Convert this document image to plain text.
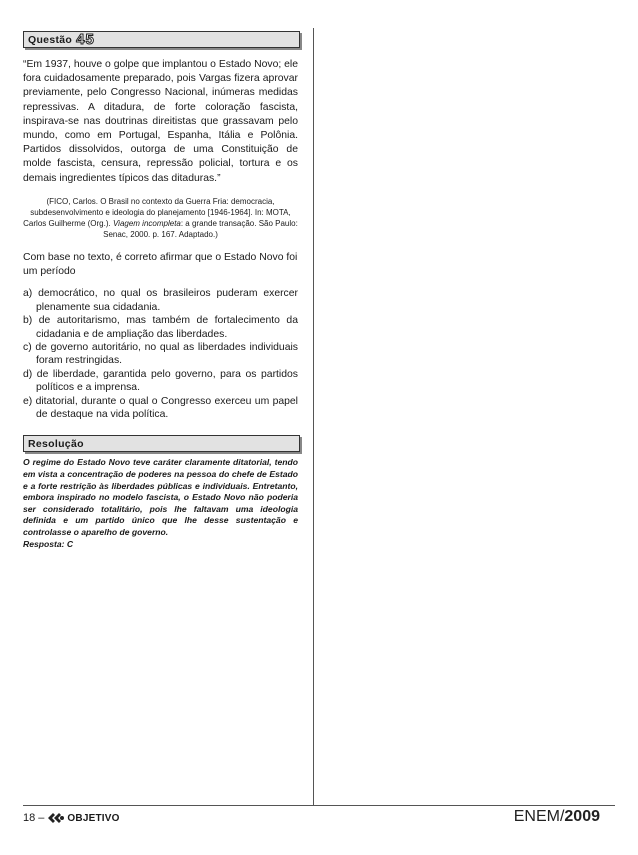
Questão 45
“Em 1937, houve o golpe que implantou o Estado Novo; ele fora cuidadosamente preparado, pois Vargas fizera aprovar previamente, pelo Congresso Nacional, inúmeras medidas repressivas. A ditadura, de forte coloração fascista, inspirava-se nas doutrinas direitistas que grassavam pelo mundo, como em Portugal, Espanha, Itália e Polônia. Partidos dissolvidos, outorga de uma Constituição de molde fascista, censura, repressão policial, tortura e os demais ingredientes típicos das ditaduras.”
(FICO, Carlos. O Brasil no contexto da Guerra Fria: democracia, subdesenvolvimento e ideologia do planejamento [1946-1964]. In: MOTA, Carlos Guilherme (Org.). Viagem incompleta: a grande transação. São Paulo: Senac, 2000. p. 167. Adaptado.)
Com base no texto, é correto afirmar que o Estado Novo foi um período
a) democrático, no qual os brasileiros puderam exercer plenamente sua cidadania.
b) de autoritarismo, mas também de fortalecimento da cidadania e de ampliação das liberdades.
c) de governo autoritário, no qual as liberdades individuais foram restringidas.
d) de liberdade, garantida pelo governo, para os partidos políticos e a imprensa.
e) ditatorial, durante o qual o Congresso exerceu um papel de destaque na vida política.
Resolução
O regime do Estado Novo teve caráter claramente ditatorial, tendo em vista a concentração de poderes na pessoa do chefe de Estado e a forte restrição às liberdades públicas e individuais. Entretanto, embora inspirado no modelo fascista, o Estado Novo não poderia ser considerado totalitário, pois lhe faltavam uma ideologia definida e um partido único que lhe desse sustentação e controlasse o aparelho de governo.
Resposta: C
18 – OBJETIVO	ENEM/2009
